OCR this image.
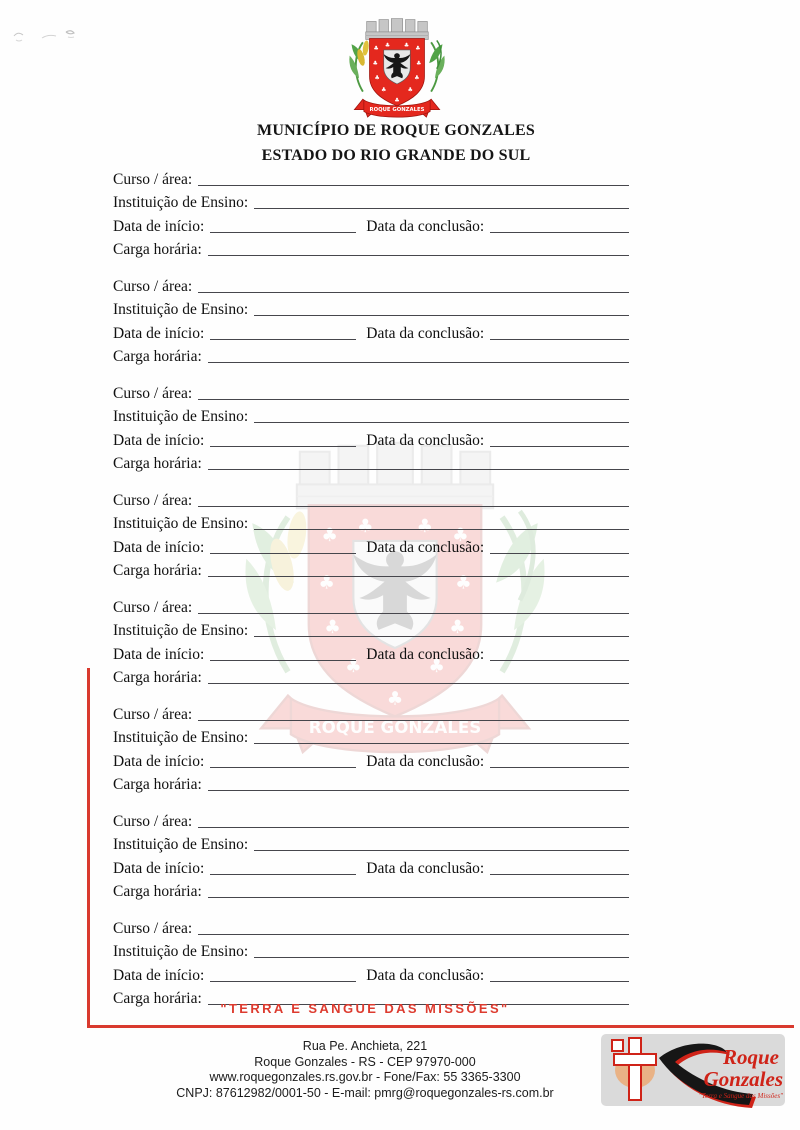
♣ ♣ ♣ ♣
♣	♣
♣	♣
♣	♣
♣
ROQUE GONZALES
MUNICÍPIO DE ROQUE GONZALES
ESTADO DO RIO GRANDE DO SUL
Curso / área:
Instituição de Ensino:
Data de início:	Data da conclusão:
Carga horária:
Curso / área:
Instituição de Ensino:
Data de início:	Data da conclusão:
Carga horária:
Curso / área:
Instituição de Ensino:
Data de início:	Data da conclusão:
Carga horária:
Curso / área:
Instituição de Ensino:
Data de início:	Data da conclusão:
Carga horária:
Curso / área:
Instituição de Ensino:
Data de início:	Data da conclusão:
Carga horária:
Curso / área:
Instituição de Ensino:
Data de início:	Data da conclusão:
Carga horária:
Curso / área:
Instituição de Ensino:
Data de início:	Data da conclusão:
Carga horária:
Curso / área:
Instituição de Ensino:
Data de início:	Data da conclusão:
Carga horária:
"TERRA E SANGUE DAS MISSÕES"
Rua Pe. Anchieta, 221
Roque Gonzales - RS - CEP 97970-000
www.roquegonzales.rs.gov.br - Fone/Fax: 55 3365-3300
CNPJ: 87612982/0001-50 - E-mail: pmrg@roquegonzales-rs.com.br
Roque
Gonzales
"Terra e Sangue das Missões"
